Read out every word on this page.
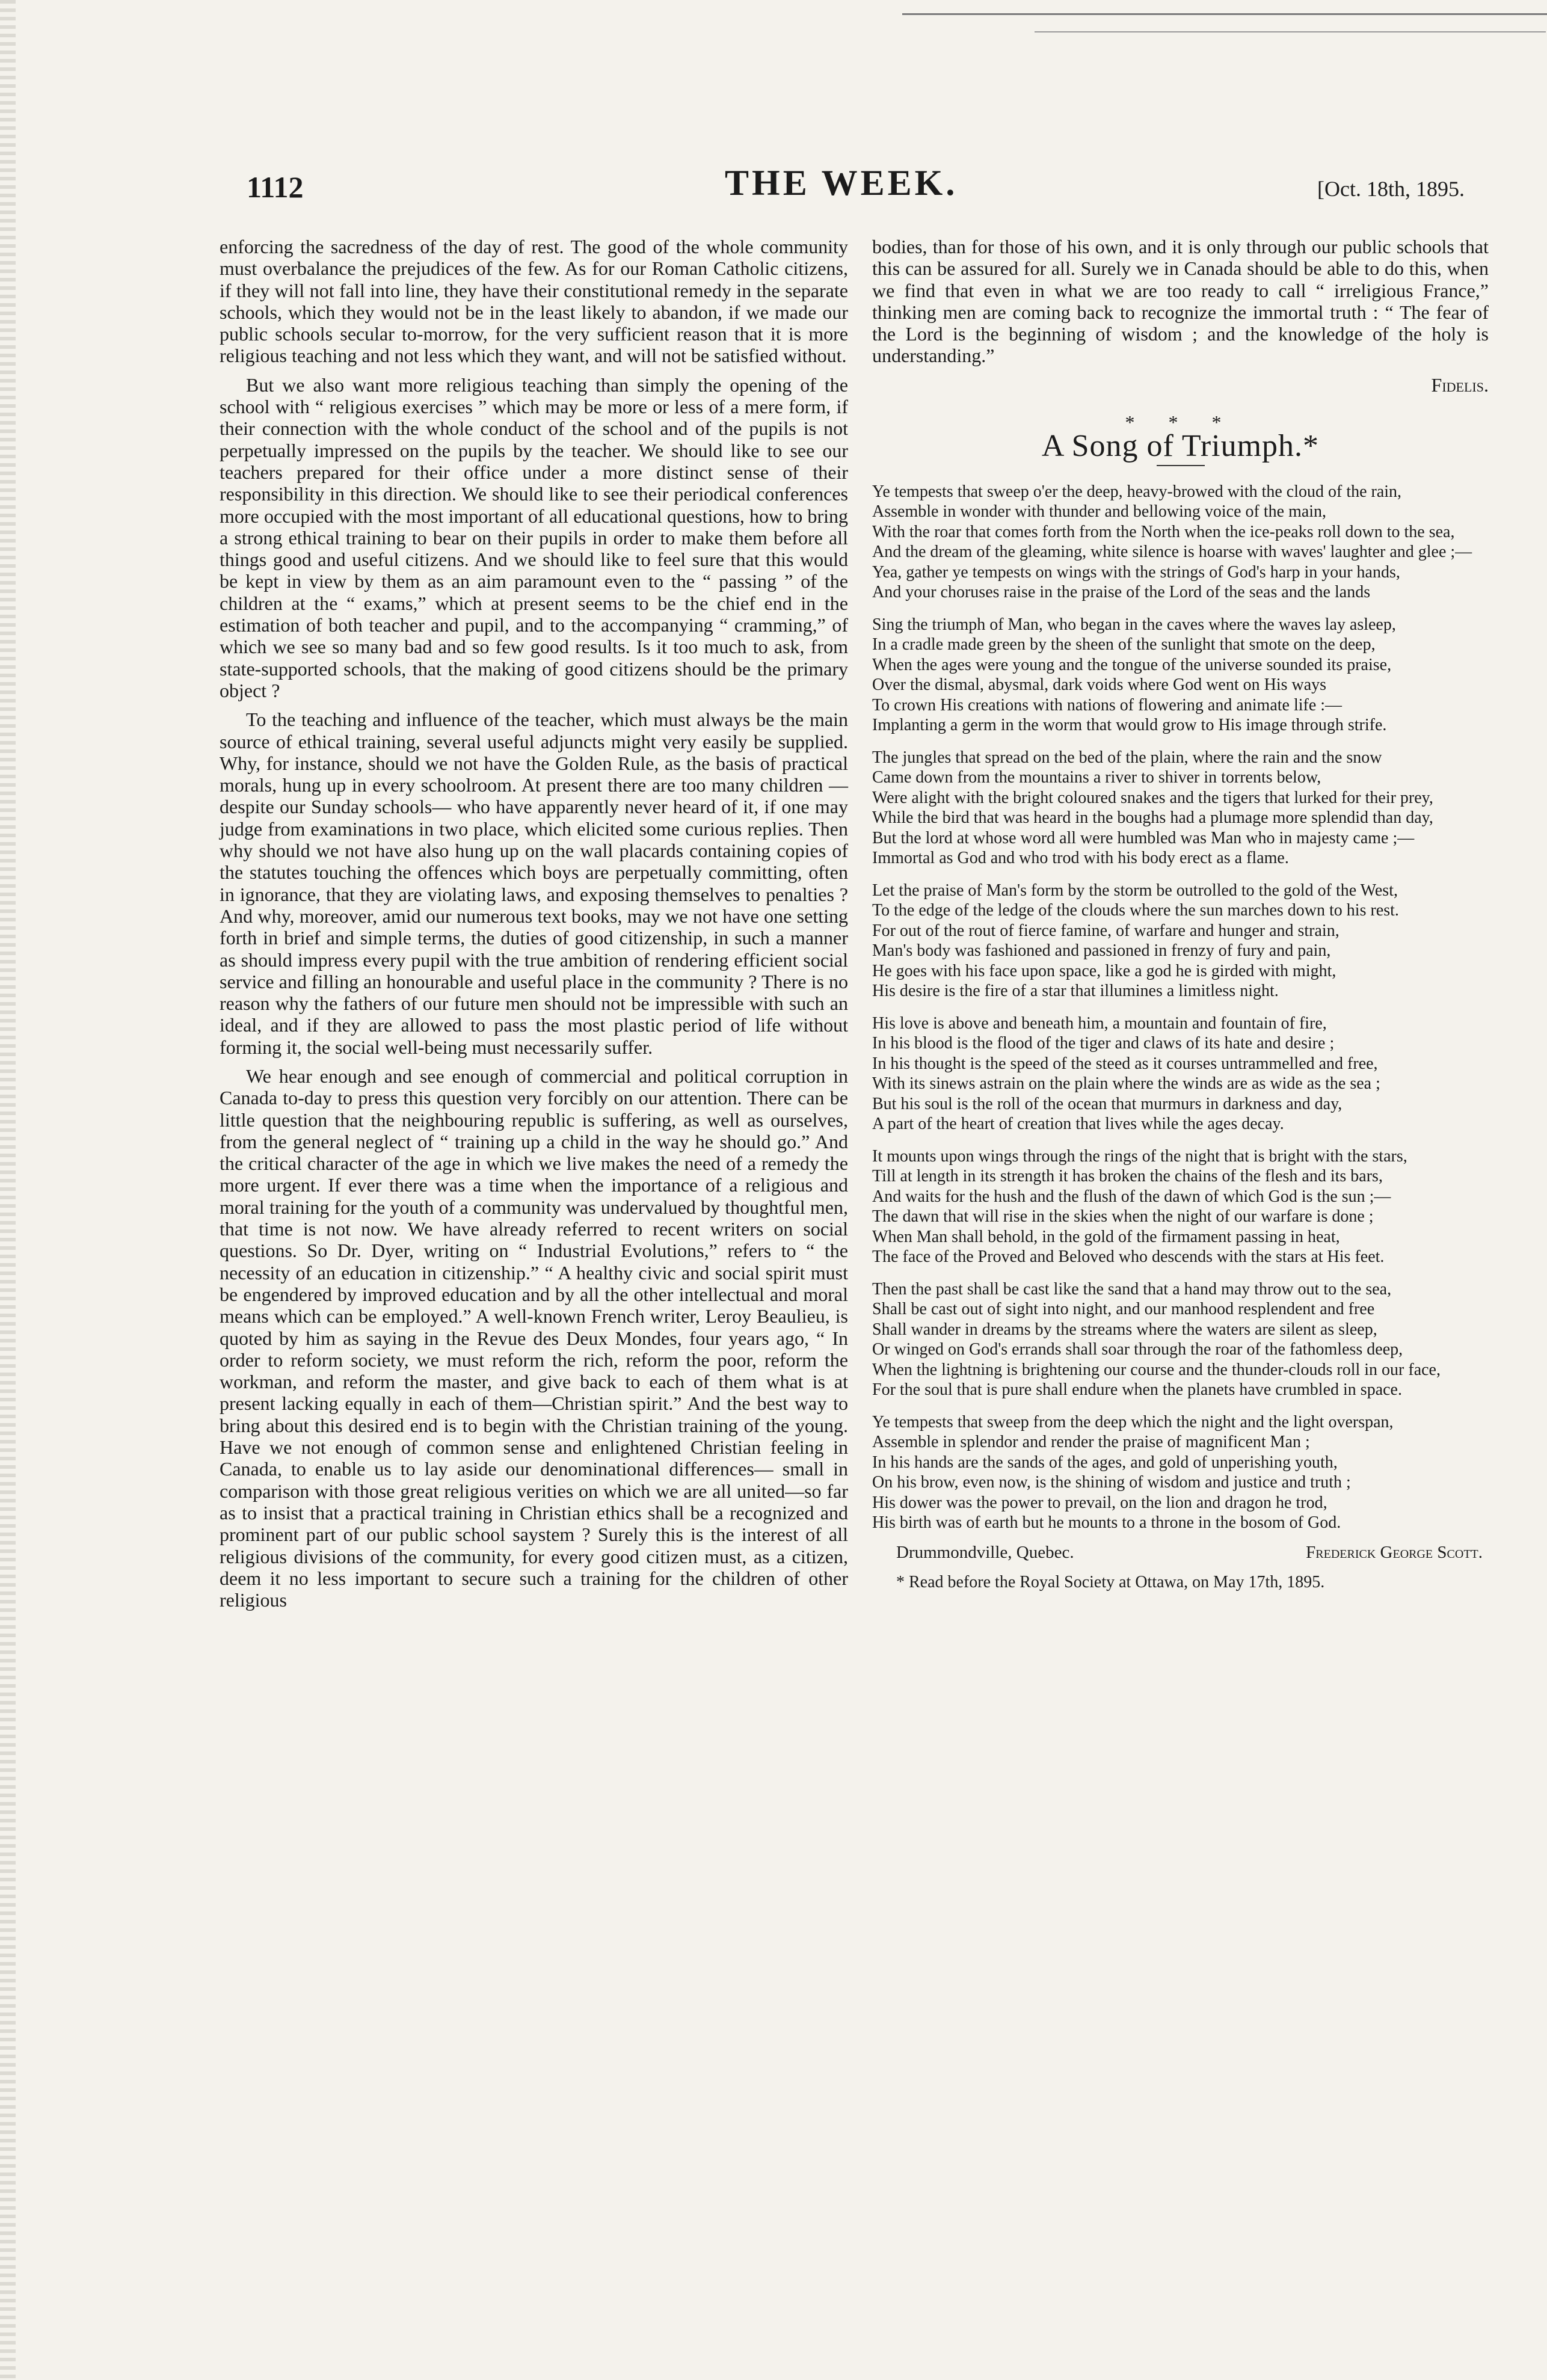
1112	THE WEEK.	[Oct. 18th, 1895.

enforcing the sacredness of the day of rest. The good of the whole community must overbalance the prejudices of the few. As for our Roman Catholic citizens, if they will not fall into line, they have their constitutional remedy in the separate schools, which they would not be in the least likely to abandon, if we made our public schools secular to-morrow, for the very sufficient reason that it is more religious teaching and not less which they want, and will not be satisfied without.

But we also want more religious teaching than simply the opening of the school with “ religious exercises ” which may be more or less of a mere form, if their connection with the whole conduct of the school and of the pupils is not perpetually impressed on the pupils by the teacher. We should like to see our teachers prepared for their office under a more distinct sense of their responsibility in this direction. We should like to see their periodical conferences more occupied with the most important of all educational questions, how to bring a strong ethical training to bear on their pupils in order to make them before all things good and useful citizens. And we should like to feel sure that this would be kept in view by them as an aim paramount even to the “ passing ” of the children at the “ exams,” which at present seems to be the chief end in the estimation of both teacher and pupil, and to the accompanying “ cramming,” of which we see so many bad and so few good results. Is it too much to ask, from state-supported schools, that the making of good citizens should be the primary object ?

To the teaching and influence of the teacher, which must always be the main source of ethical training, several useful adjuncts might very easily be supplied. Why, for instance, should we not have the Golden Rule, as the basis of practical morals, hung up in every schoolroom. At present there are too many children —despite our Sunday schools— who have apparently never heard of it, if one may judge from examinations in two place, which elicited some curious replies. Then why should we not have also hung up on the wall placards containing copies of the statutes touching the offences which boys are perpetually committing, often in ignorance, that they are violating laws, and exposing themselves to penalties ? And why, moreover, amid our numerous text books, may we not have one setting forth in brief and simple terms, the duties of good citizenship, in such a manner as should impress every pupil with the true ambition of rendering efficient social service and filling an honourable and useful place in the community ? There is no reason why the fathers of our future men should not be impressible with such an ideal, and if they are allowed to pass the most plastic period of life without forming it, the social well-being must necessarily suffer.

We hear enough and see enough of commercial and political corruption in Canada to-day to press this question very forcibly on our attention. There can be little question that the neighbouring republic is suffering, as well as ourselves, from the general neglect of “ training up a child in the way he should go.” And the critical character of the age in which we live makes the need of a remedy the more urgent. If ever there was a time when the importance of a religious and moral training for the youth of a community was undervalued by thoughtful men, that time is not now. We have already referred to recent writers on social questions. So Dr. Dyer, writing on “ Industrial Evolutions,” refers to “ the necessity of an education in citizenship.” “ A healthy civic and social spirit must be engendered by improved education and by all the other intellectual and moral means which can be employed.” A well-known French writer, Leroy Beaulieu, is quoted by him as saying in the Revue des Deux Mondes, four years ago, “ In order to reform society, we must reform the rich, reform the poor, reform the workman, and reform the master, and give back to each of them what is at present lacking equally in each of them—Christian spirit.” And the best way to bring about this desired end is to begin with the Christian training of the young. Have we not enough of common sense and enlightened Christian feeling in Canada, to enable us to lay aside our denominational differences— small in comparison with those great religious verities on which we are all united—so far as to insist that a practical training in Christian ethics shall be a recognized and prominent part of our public school saystem ? Surely this is the interest of all religious divisions of the community, for every good citizen must, as a citizen, deem it no less important to secure such a training for the children of other religious

bodies, than for those of his own, and it is only through our public schools that this can be assured for all. Surely we in Canada should be able to do this, when we find that even in what we are too ready to call “ irreligious France,” thinking men are coming back to recognize the immortal truth : “ The fear of the Lord is the beginning of wisdom ; and the knowledge of the holy is understanding.”

Fidelis.
* * *
A Song of Triumph.*
Ye tempests that sweep o'er the deep, heavy-browed with the cloud of the rain,
Assemble in wonder with thunder and bellowing voice of the main,
With the roar that comes forth from the North when the ice-peaks roll down to the sea,
And the dream of the gleaming, white silence is hoarse with waves' laughter and glee ;—
Yea, gather ye tempests on wings with the strings of God's harp in your hands,
And your choruses raise in the praise of the Lord of the seas and the lands
Sing the triumph of Man, who began in the caves where the waves lay asleep,
In a cradle made green by the sheen of the sunlight that smote on the deep,
When the ages were young and the tongue of the universe sounded its praise,
Over the dismal, abysmal, dark voids where God went on His ways
To crown His creations with nations of flowering and animate life :—
Implanting a germ in the worm that would grow to His image through strife.
The jungles that spread on the bed of the plain, where the rain and the snow
Came down from the mountains a river to shiver in torrents below,
Were alight with the bright coloured snakes and the tigers that lurked for their prey,
While the bird that was heard in the boughs had a plumage more splendid than day,
But the lord at whose word all were humbled was Man who in majesty came ;—
Immortal as God and who trod with his body erect as a flame.
Let the praise of Man's form by the storm be outrolled to the gold of the West,
To the edge of the ledge of the clouds where the sun marches down to his rest.
For out of the rout of fierce famine, of warfare and hunger and strain,
Man's body was fashioned and passioned in frenzy of fury and pain,
He goes with his face upon space, like a god he is girded with might,
His desire is the fire of a star that illumines a limitless night.
His love is above and beneath him, a mountain and fountain of fire,
In his blood is the flood of the tiger and claws of its hate and desire ;
In his thought is the speed of the steed as it courses untrammelled and free,
With its sinews astrain on the plain where the winds are as wide as the sea ;
But his soul is the roll of the ocean that murmurs in darkness and day,
A part of the heart of creation that lives while the ages decay.
It mounts upon wings through the rings of the night that is bright with the stars,
Till at length in its strength it has broken the chains of the flesh and its bars,
And waits for the hush and the flush of the dawn of which God is the sun ;—
The dawn that will rise in the skies when the night of our warfare is done ;
When Man shall behold, in the gold of the firmament passing in heat,
The face of the Proved and Beloved who descends with the stars at His feet.
Then the past shall be cast like the sand that a hand may throw out to the sea,
Shall be cast out of sight into night, and our manhood resplendent and free
Shall wander in dreams by the streams where the waters are silent as sleep,
Or winged on God's errands shall soar through the roar of the fathomless deep,
When the lightning is brightening our course and the thunder-clouds roll in our face,
For the soul that is pure shall endure when the planets have crumbled in space.
Ye tempests that sweep from the deep which the night and the light overspan,
Assemble in splendor and render the praise of magnificent Man ;
In his hands are the sands of the ages, and gold of unperishing youth,
On his brow, even now, is the shining of wisdom and justice and truth ;
His dower was the power to prevail, on the lion and dragon he trod,
His birth was of earth but he mounts to a throne in the bosom of God.
Drummondville, Quebec.	Frederick George Scott.
* Read before the Royal Society at Ottawa, on May 17th, 1895.
